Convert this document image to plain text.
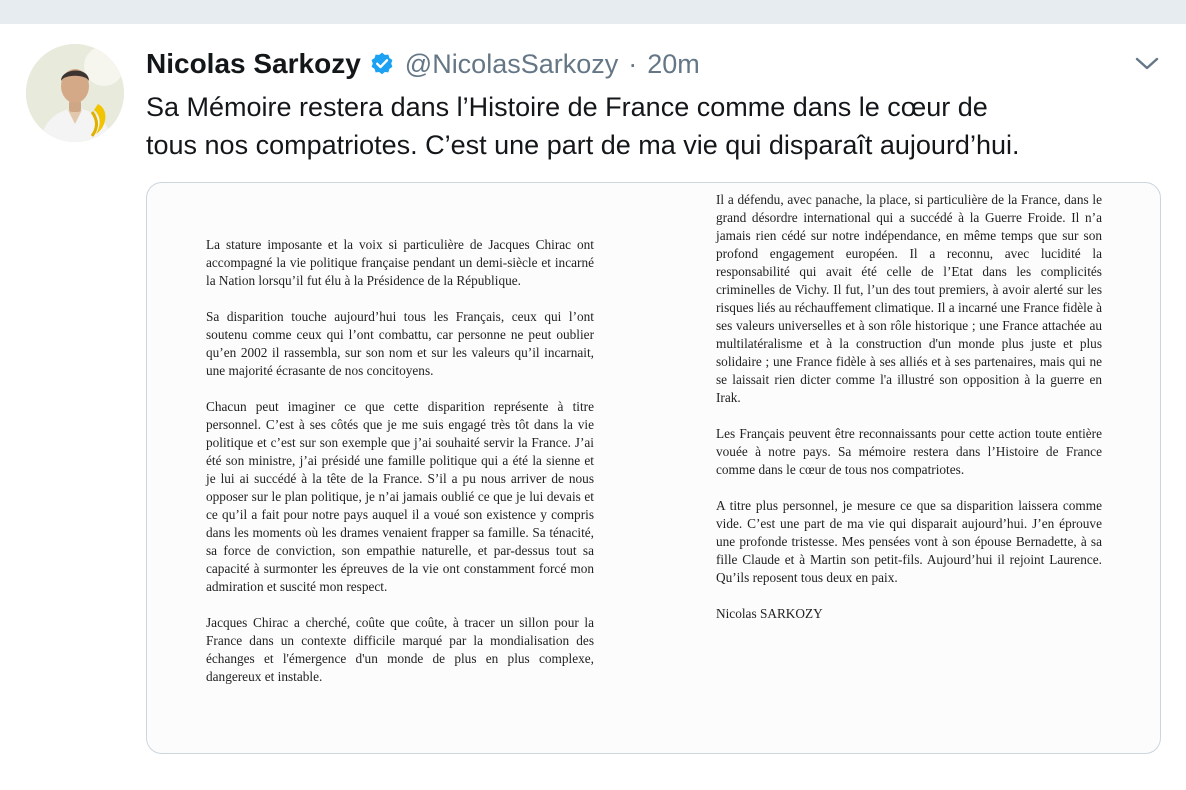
Nicolas Sarkozy @NicolasSarkozy · 20m

Sa Mémoire restera dans l’Histoire de France comme dans le cœur de

tous nos compatriotes. C’est une part de ma vie qui disparaît aujourd’hui.

La stature imposante et la voix si particulière de Jacques Chirac ont accompagné la vie politique française pendant un demi-siècle et incarné la Nation lorsqu’il fut élu à la Présidence de la République.

Sa disparition touche aujourd’hui tous les Français, ceux qui l’ont soutenu comme ceux qui l’ont combattu, car personne ne peut oublier qu’en 2002 il rassembla, sur son nom et sur les valeurs qu’il incarnait, une majorité écrasante de nos concitoyens.

Chacun peut imaginer ce que cette disparition représente à titre personnel. C’est à ses côtés que je me suis engagé très tôt dans la vie politique et c’est sur son exemple que j’ai souhaité servir la France. J’ai été son ministre, j’ai présidé une famille politique qui a été la sienne et je lui ai succédé à la tête de la France. S’il a pu nous arriver de nous opposer sur le plan politique, je n’ai jamais oublié ce que je lui devais et ce qu’il a fait pour notre pays auquel il a voué son existence y compris dans les moments où les drames venaient frapper sa famille. Sa ténacité, sa force de conviction, son empathie naturelle, et par-dessus tout sa capacité à surmonter les épreuves de la vie ont constamment forcé mon admiration et suscité mon respect.

Jacques Chirac a cherché, coûte que coûte, à tracer un sillon pour la France dans un contexte difficile marqué par la mondialisation des échanges et l'émergence d'un monde de plus en plus complexe, dangereux et instable.

Il a défendu, avec panache, la place, si particulière de la France, dans le grand désordre international qui a succédé à la Guerre Froide. Il n’a jamais rien cédé sur notre indépendance, en même temps que sur son profond engagement européen. Il a reconnu, avec lucidité la responsabilité qui avait été celle de l’Etat dans les complicités criminelles de Vichy. Il fut, l’un des tout premiers, à avoir alerté sur les risques liés au réchauffement climatique. Il a incarné une France fidèle à ses valeurs universelles et à son rôle historique ; une France attachée au multilatéralisme et à la construction d'un monde plus juste et plus solidaire ; une France fidèle à ses alliés et à ses partenaires, mais qui ne se laissait rien dicter comme l'a illustré son opposition à la guerre en Irak.

Les Français peuvent être reconnaissants pour cette action toute entière vouée à notre pays. Sa mémoire restera dans l’Histoire de France comme dans le cœur de tous nos compatriotes.

A titre plus personnel, je mesure ce que sa disparition laissera comme vide. C’est une part de ma vie qui disparait aujourd’hui. J’en éprouve une profonde tristesse. Mes pensées vont à son épouse Bernadette, à sa fille Claude et à Martin son petit-fils. Aujourd’hui il rejoint Laurence. Qu’ils reposent tous deux en paix.

Nicolas SARKOZY
